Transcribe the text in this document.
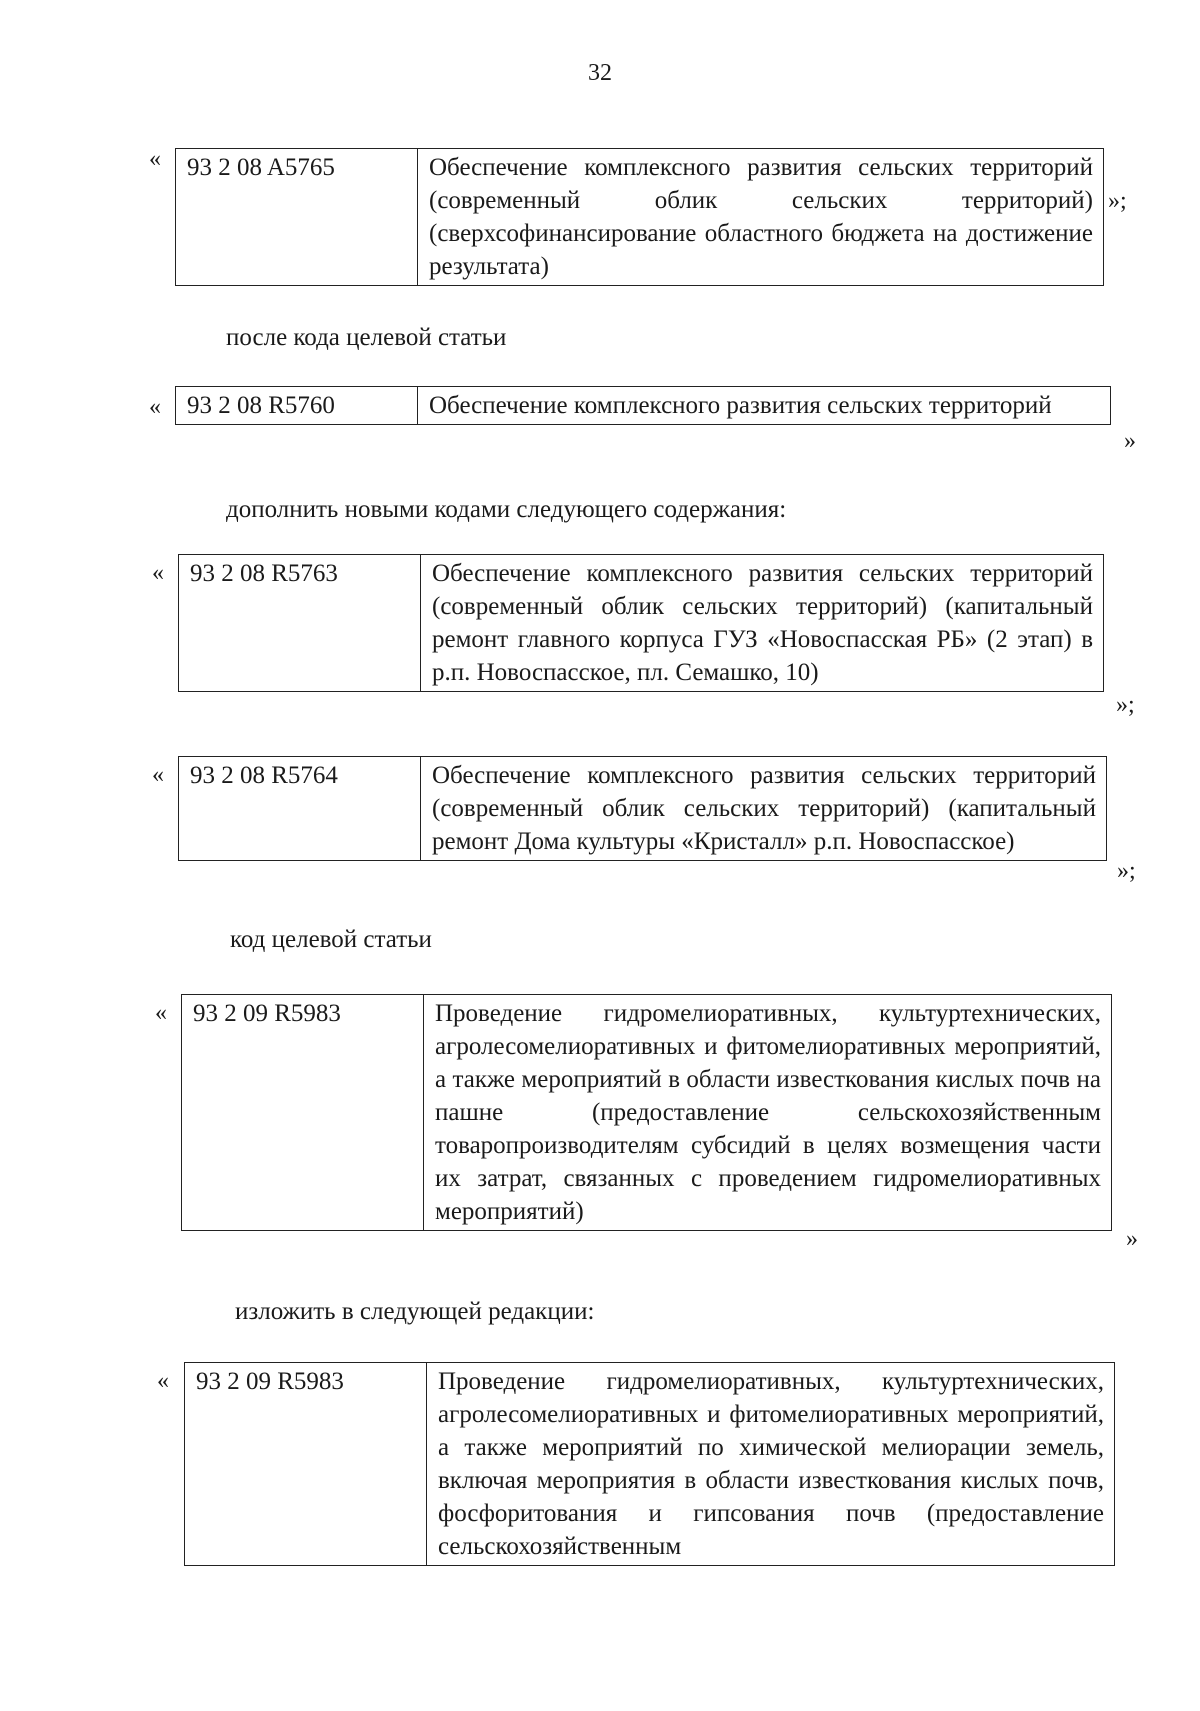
32
« 93 2 08 A5765	Обеспечение комплексного развития сельских территорий (современный облик сельских территорий) (сверхсофинансирование областного бюджета на достижение результата)
»;
после кода целевой статьи
« 93 2 08 R5760	Обеспечение комплексного развития сельских территорий
»
дополнить новыми кодами следующего содержания:
« 93 2 08 R5763	Обеспечение комплексного развития сельских территорий (современный облик сельских территорий) (капитальный ремонт главного корпуса ГУЗ «Новоспасская РБ» (2 этап) в р.п. Новоспасское, пл. Семашко, 10)
»;
« 93 2 08 R5764	Обеспечение комплексного развития сельских территорий (современный облик сельских территорий) (капитальный ремонт Дома культуры «Кристалл» р.п. Новоспасское)
»;
код целевой статьи
« 93 2 09 R5983	Проведение гидромелиоративных, культуртехнических, агролесомелиоративных и фитомелиоративных мероприятий, а также мероприятий в области известкования кислых почв на пашне (предоставление сельскохозяйственным товаропроизводителям субсидий в целях возмещения части их затрат, связанных с проведением гидромелиоративных мероприятий)
»
изложить в следующей редакции:
« 93 2 09 R5983	Проведение гидромелиоративных, культуртехнических, агролесомелиоративных и фитомелиоративных мероприятий, а также мероприятий по химической мелиорации земель, включая мероприятия в области известкования кислых почв, фосфоритования и гипсования почв (предоставление сельскохозяйственным
